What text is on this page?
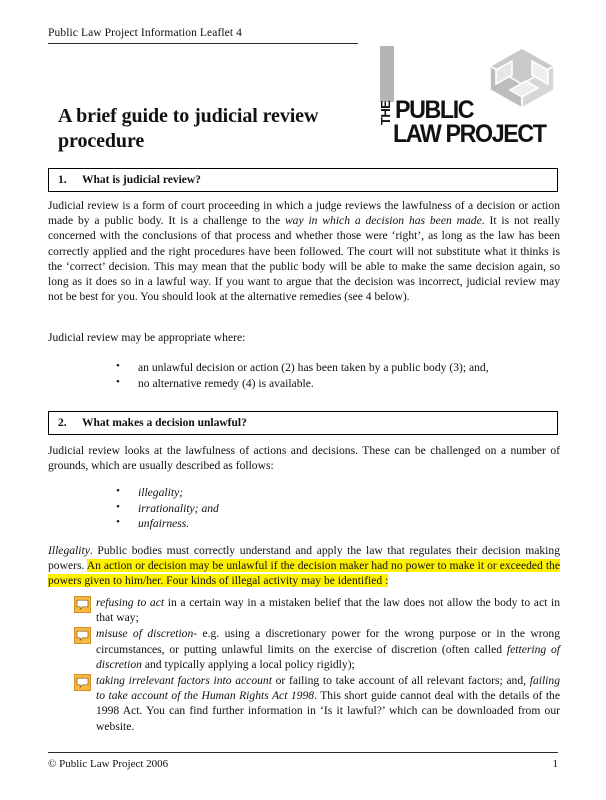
Public Law Project Information Leaflet 4
THE PUBLIC
LAW PROJECT
A brief guide to judicial review procedure
1. What is judicial review?
Judicial review is a form of court proceeding in which a judge reviews the lawfulness of a decision or action made by a public body. It is a challenge to the way in which a decision has been made. It is not really concerned with the conclusions of that process and whether those were ‘right’, as long as the law has been correctly applied and the right procedures have been followed. The court will not substitute what it thinks is the ‘correct’ decision. This may mean that the public body will be able to make the same decision again, so long as it does so in a lawful way. If you want to argue that the decision was incorrect, judicial review may not be best for you. You should look at the alternative remedies (see 4 below).
Judicial review may be appropriate where:
• an unlawful decision or action (2) has been taken by a public body (3); and,
• no alternative remedy (4) is available.
2. What makes a decision unlawful?
Judicial review looks at the lawfulness of actions and decisions. These can be challenged on a number of grounds, which are usually described as follows:
• illegality;
• irrationality; and
• unfairness.
Illegality. Public bodies must correctly understand and apply the law that regulates their decision making powers. An action or decision may be unlawful if the decision maker had no power to make it or exceeded the powers given to him/her. Four kinds of illegal activity may be identified :
refusing to act in a certain way in a mistaken belief that the law does not allow the body to act in that way;
misuse of discretion- e.g. using a discretionary power for the wrong purpose or in the wrong circumstances, or putting unlawful limits on the exercise of discretion (often called fettering of discretion and typically applying a local policy rigidly);
taking irrelevant factors into account or failing to take account of all relevant factors; and, failing to take account of the Human Rights Act 1998. This short guide cannot deal with the details of the 1998 Act. You can find further information in ‘Is it lawful?’ which can be downloaded from our website.
© Public Law Project 2006	1
